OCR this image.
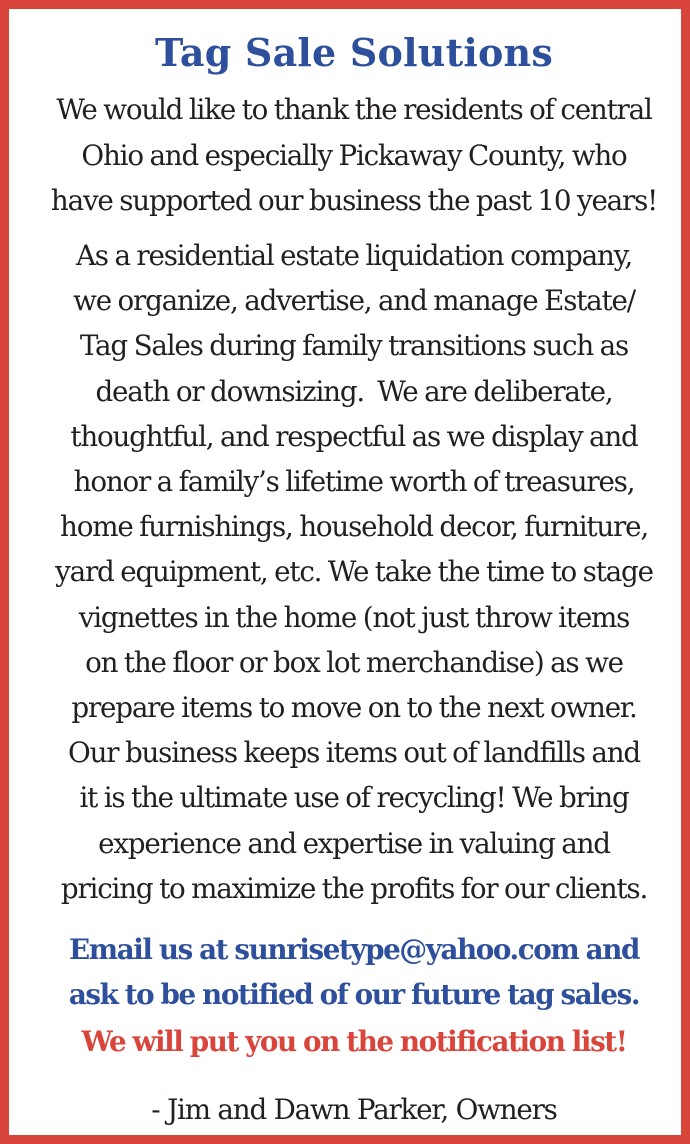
Tag Sale Solutions
We would like to thank the residents of central
Ohio and especially Pickaway County, who
have supported our business the past 10 years!
As a residential estate liquidation company,
we organize, advertise, and manage Estate/
Tag Sales during family transitions such as
death or downsizing.  We are deliberate,
thoughtful, and respectful as we display and
honor a family’s lifetime worth of treasures,
home furnishings, household decor, furniture,
yard equipment, etc. We take the time to stage
vignettes in the home (not just throw items
on the floor or box lot merchandise) as we
prepare items to move on to the next owner.
Our business keeps items out of landfills and
it is the ultimate use of recycling! We bring
experience and expertise in valuing and
pricing to maximize the profits for our clients.
Email us at sunrisetype@yahoo.com and
ask to be notified of our future tag sales.
We will put you on the notification list!
- Jim and Dawn Parker, Owners
